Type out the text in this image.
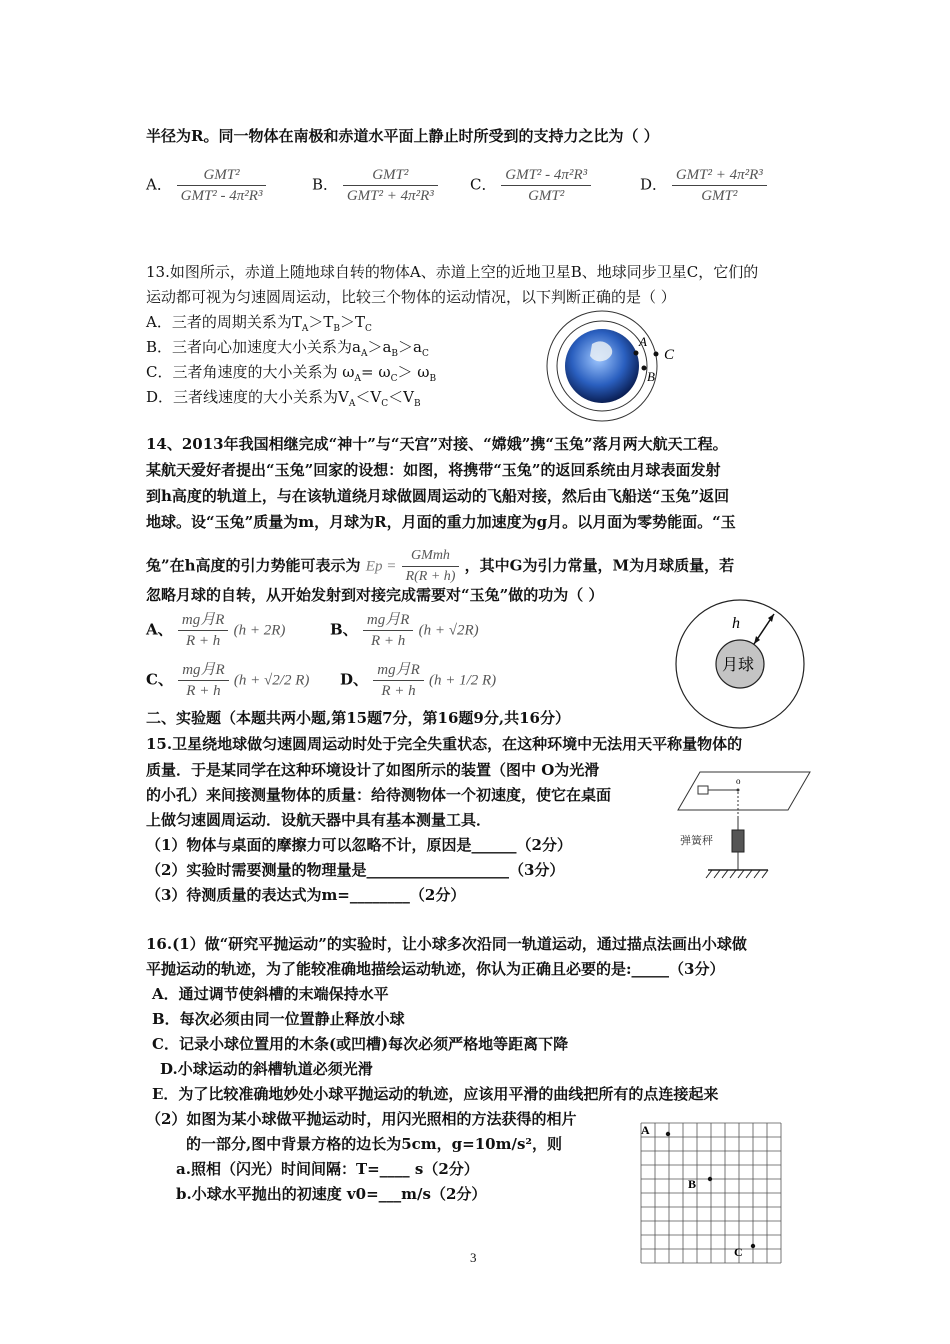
半径为R。同一物体在南极和赤道水平面上静止时所受到的支持力之比为（ ）
A． $\frac{\text{GMT²}}{\text{GMT² - 4π²R³}}$	B． $\frac{\text{GMT²}}{\text{GMT² + 4π²R³}}$ C． $\frac{\text{GMT² - 4π²R³}}{\text{GMT²}}$	D． $\frac{\text{GMT² + 4π²R³}}{\text{GMT²}}$
13.如图所示，赤道上随地球自转的物体A、赤道上空的近地卫星B、地球同步卫星C，它们的
运动都可视为匀速圆周运动，比较三个物体的运动情况，以下判断正确的是（ ）
A．三者的周期关系为$T_A>T_B>T_C$
B．三者向心加速度大小关系为$a_A>a_B>a_C$
C．三者角速度的大小关系为 $\omega_A= \omega_C> \omega_B$
D．三者线速度的大小关系为$V_A<V_C<V_B$
A
B
C
14、2013年我国相继完成“神十”与“天宫”对接、“嫦娥”携“玉兔”落月两大航天工程。
某航天爱好者提出“玉兔”回家的设想：如图，将携带“玉兔”的返回系统由月球表面发射
到h高度的轨道上，与在该轨道绕月球做圆周运动的飞船对接，然后由飞船送“玉兔”返回
地球。设“玉兔”质量为m，月球为R，月面的重力加速度为g月。以月面为零势能面。“玉
兔”在h高度的引力势能可表示为 $Ep = \frac{\text{GMmh}}{R(R + h)}$ ，其中G为引力常量，M为月球质量，若
忽略月球的自转，从开始发射到对接完成需要对“玉兔”做的功为（ ）
A、 $\frac{\text{mg月R}}{R + h} (h + 2R)$	B、 $\frac{\text{mg月R}}{R + h} (h + √2R)$
C、 $\frac{\text{mg月R}}{R + h} (h + √2/2$ R) D、 $\frac{\text{mg月R}}{R + h} (h + 1/2$ R)
月球
h
二、实验题（本题共两小题,第15题7分，第16题9分,共16分）
15.卫星绕地球做匀速圆周运动时处于完全失重状态，在这种环境中无法用天平称量物体的
质量．于是某同学在这种环境设计了如图所示的装置（图中 O为光滑
的小孔）来间接测量物体的质量：给待测物体一个初速度，使它在桌面
上做匀速圆周运动．设航天器中具有基本测量工具．
（1）物体与桌面的摩擦力可以忽略不计，原因是______（2分）
（2）实验时需要测量的物理量是___________________（3分）
（3）待测质量的表达式为m=________（2分）
o
弹簧秤
16.(1）做“研究平抛运动”的实验时，让小球多次沿同一轨道运动，通过描点法画出小球做
平抛运动的轨迹，为了能较准确地描绘运动轨迹，你认为正确且必要的是:_____（3分）
A．通过调节使斜槽的末端保持水平
B．每次必须由同一位置静止释放小球
C．记录小球位置用的木条(或凹槽)每次必须严格地等距离下降
D.小球运动的斜槽轨道必须光滑
E．为了比较准确地妙处小球平抛运动的轨迹，应该用平滑的曲线把所有的点连接起来
（2）如图为某小球做平抛运动时，用闪光照相的方法获得的相片
的一部分,图中背景方格的边长为5cm，g=10m/s²，则
a.照相（闪光）时间间隔：T=____ s（2分）
b.小球水平抛出的初速度 v0=___m/s（2分）
A
B
C
3
